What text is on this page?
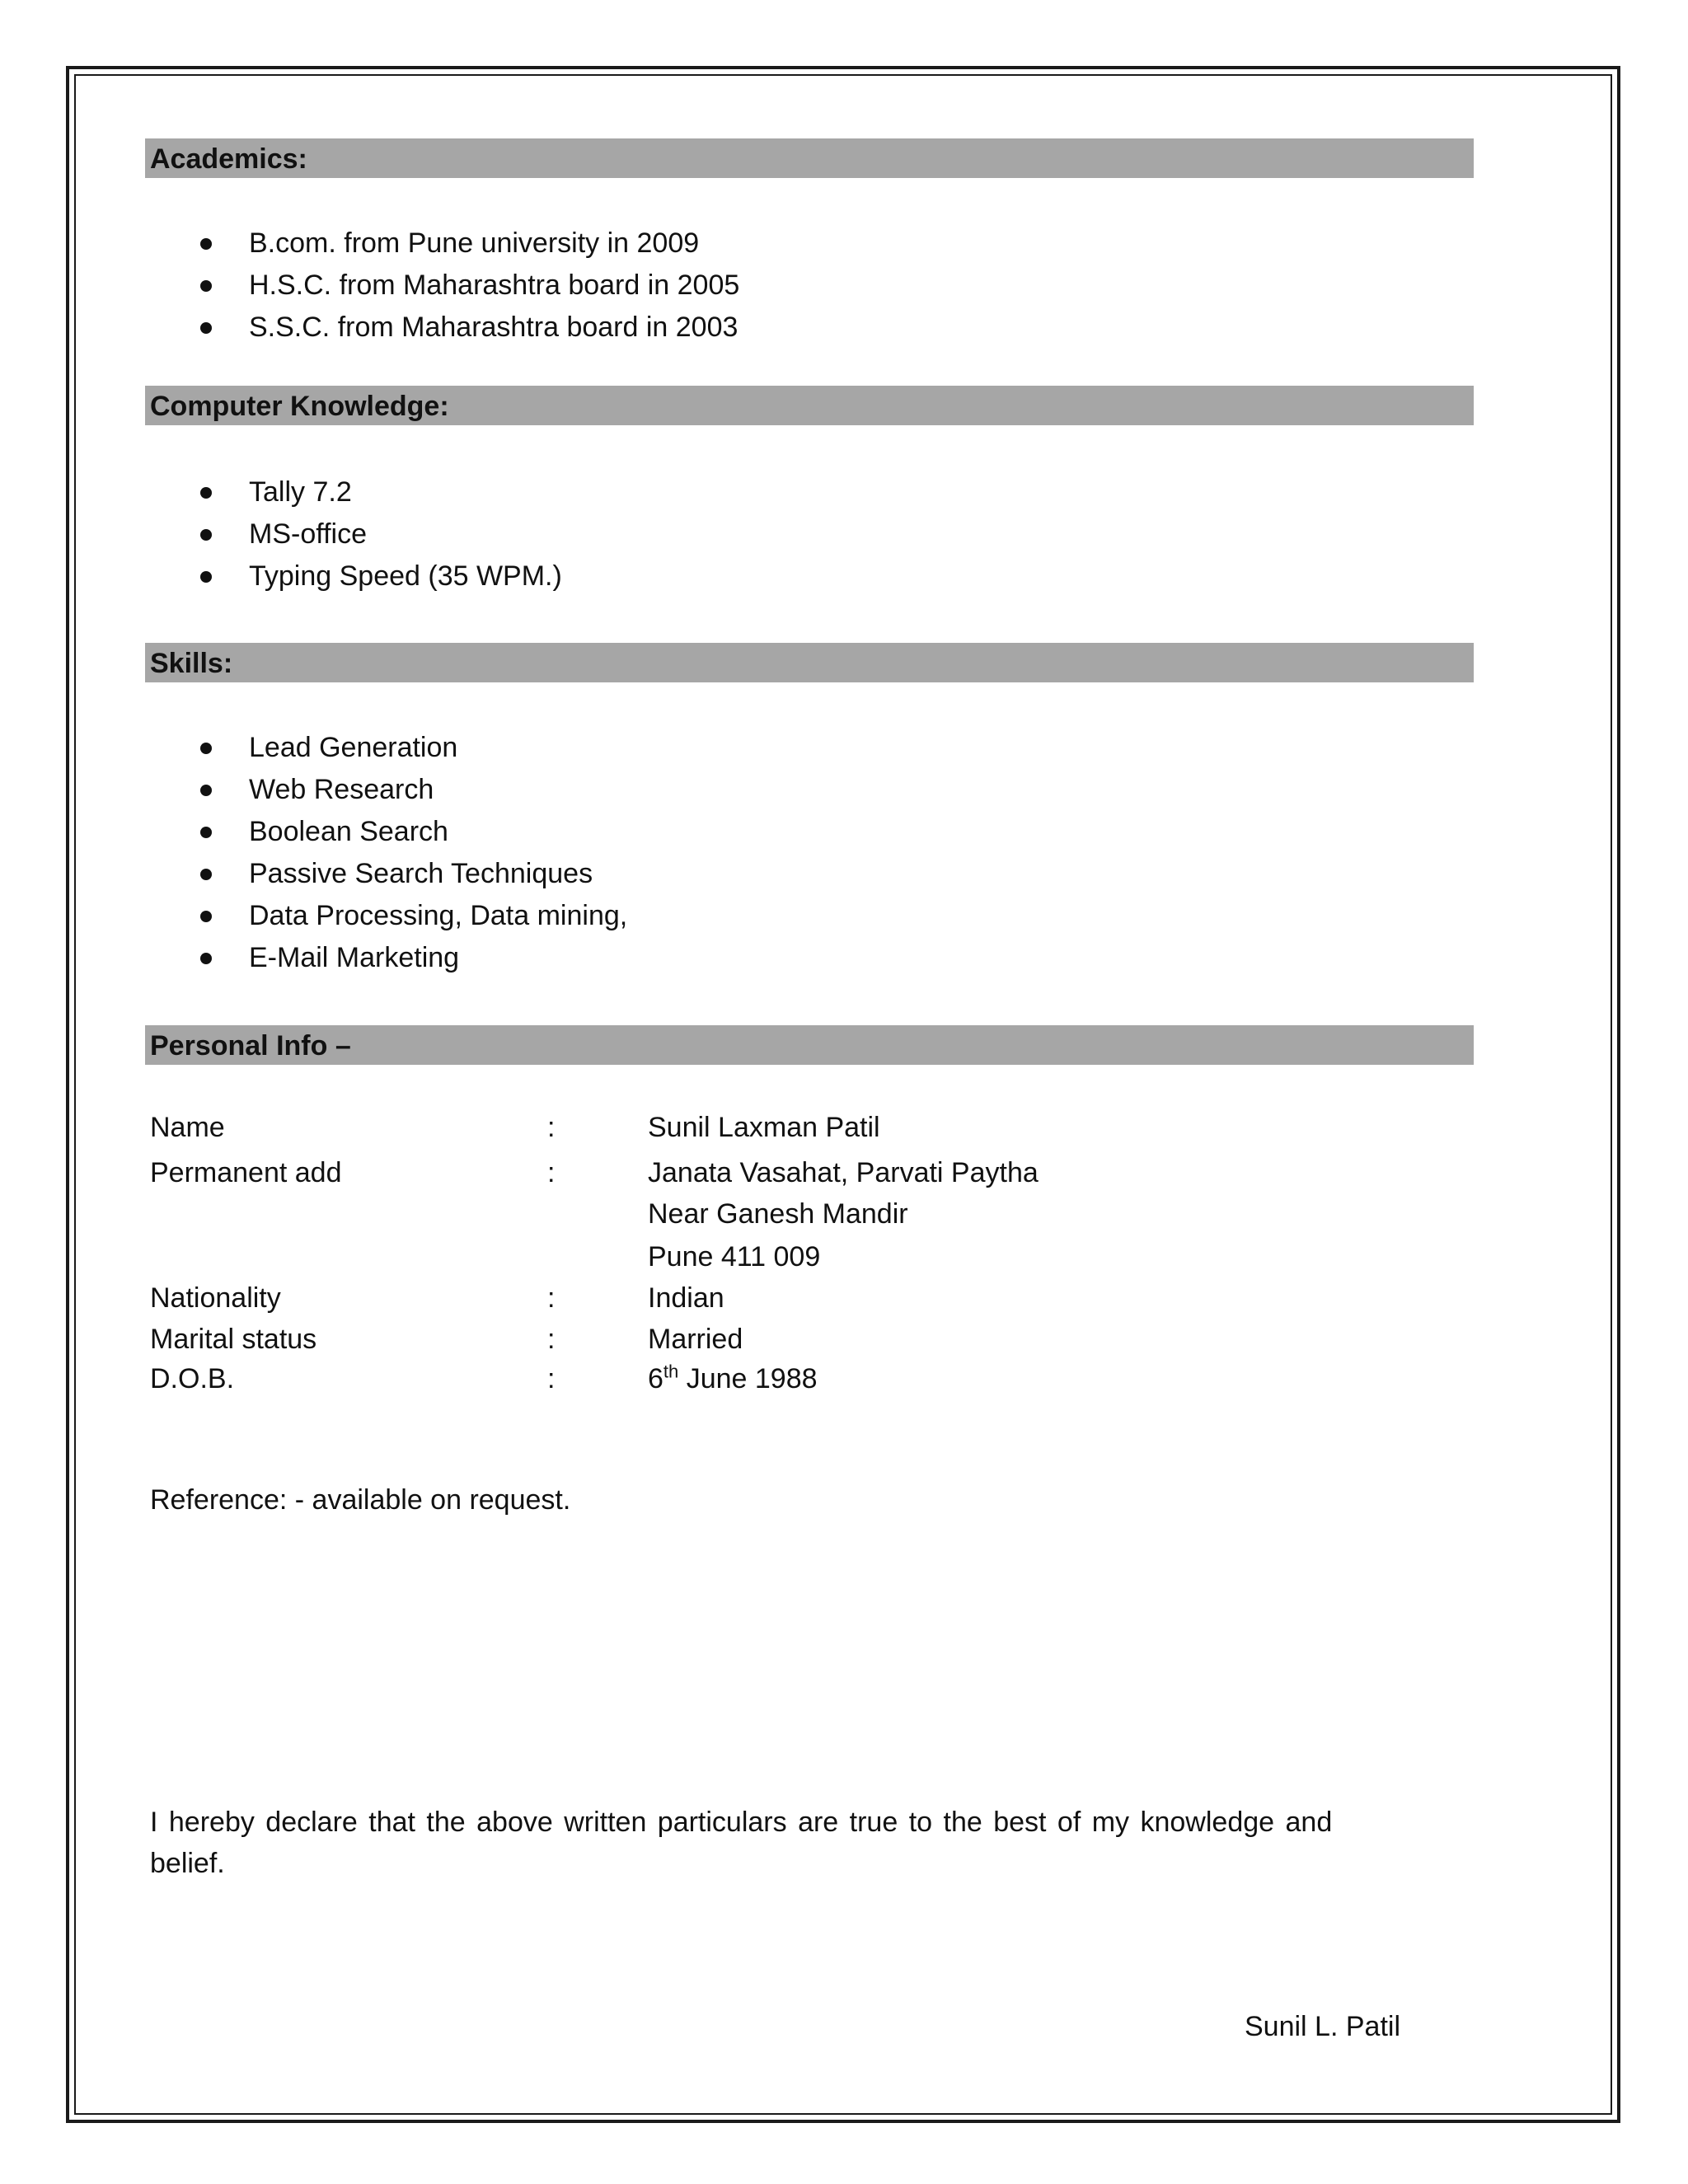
Academics:
B.com. from Pune university in 2009
H.S.C. from Maharashtra board in 2005
S.S.C. from Maharashtra board in 2003
Computer Knowledge:
Tally 7.2
MS-office
Typing Speed (35 WPM.)
Skills:
Lead Generation
Web Research
Boolean Search
Passive Search Techniques
Data Processing, Data mining,
E-Mail Marketing
Personal Info –
Name	:	Sunil Laxman Patil
Permanent add	:	Janata Vasahat, Parvati Paytha
Near Ganesh Mandir
Pune 411 009
Nationality	:	Indian
Marital status	:	Married
D.O.B.	:	6th June 1988
Reference: - available on request.
I hereby declare that the above written particulars are true to the best of my knowledge and belief.
Sunil L. Patil
